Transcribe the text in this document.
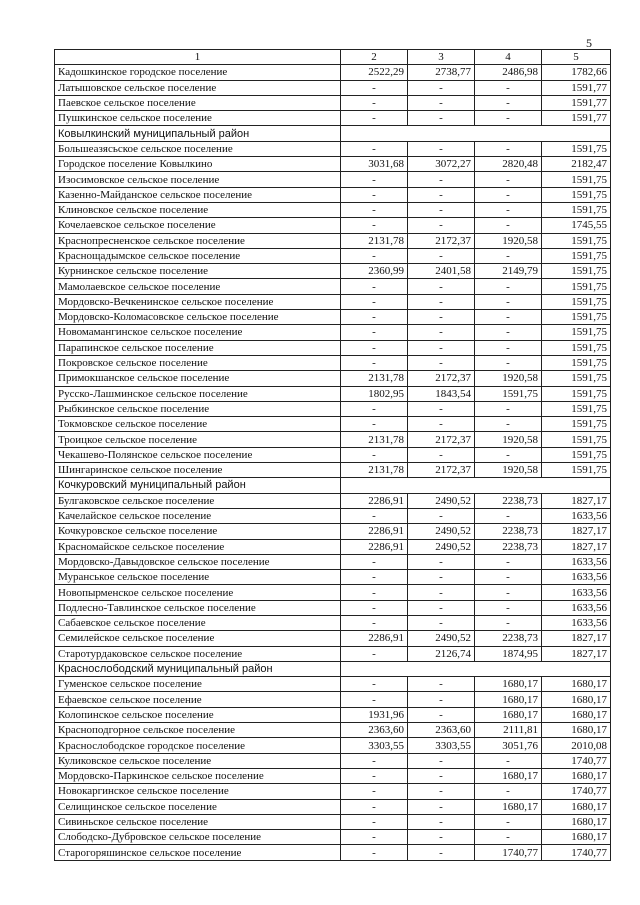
5
1	2	3	4	5
Кадошкинское городское поселение	2522,29	2738,77	2486,98	1782,66
Латышовское сельское поселение	-	-	-	1591,77
Паевское сельское поселение	-	-	-	1591,77
Пушкинское сельское поселение	-	-	-	1591,77
Ковылкинский муниципальный район				
Большеазясьское сельское поселение	-	-	-	1591,75
Городское поселение Ковылкино	3031,68	3072,27	2820,48	2182,47
Изосимовское сельское поселение	-	-	-	1591,75
Казенно-Майданское сельское поселение	-	-	-	1591,75
Клиновское сельское поселение	-	-	-	1591,75
Кочелаевское сельское поселение	-	-	-	1745,55
Краснопресненское сельское поселение	2131,78	2172,37	1920,58	1591,75
Краснощадымское сельское поселение	-	-	-	1591,75
Курнинское сельское поселение	2360,99	2401,58	2149,79	1591,75
Мамолаевское сельское поселение	-	-	-	1591,75
Мордовско-Вечкенинское сельское поселение	-	-	-	1591,75
Мордовско-Коломасовское сельское поселение	-	-	-	1591,75
Новомамангинское сельское поселение	-	-	-	1591,75
Парапинское сельское поселение	-	-	-	1591,75
Покровское сельское поселение	-	-	-	1591,75
Примокшанское сельское поселение	2131,78	2172,37	1920,58	1591,75
Русско-Лашминское сельское поселение	1802,95	1843,54	1591,75	1591,75
Рыбкинское сельское поселение	-	-	-	1591,75
Токмовское сельское поселение	-	-	-	1591,75
Троицкое сельское поселение	2131,78	2172,37	1920,58	1591,75
Чекашево-Полянское сельское поселение	-	-	-	1591,75
Шингаринское сельское поселение	2131,78	2172,37	1920,58	1591,75
Кочкуровский муниципальный район				
Булгаковское сельское поселение	2286,91	2490,52	2238,73	1827,17
Качелайское сельское поселение	-	-	-	1633,56
Кочкуровское сельское поселение	2286,91	2490,52	2238,73	1827,17
Красномайское сельское поселение	2286,91	2490,52	2238,73	1827,17
Мордовско-Давыдовское сельское поселение	-	-	-	1633,56
Муранськое сельское поселение	-	-	-	1633,56
Новопырменское сельское поселение	-	-	-	1633,56
Подлесно-Тавлинское сельское поселение	-	-	-	1633,56
Сабаевское сельское поселение	-	-	-	1633,56
Семилейское сельское поселение	2286,91	2490,52	2238,73	1827,17
Старотурдаковское сельское поселение	-	2126,74	1874,95	1827,17
Краснослободский муниципальный район				
Гуменское сельское поселение	-	-	1680,17	1680,17
Ефаевское сельское поселение	-	-	1680,17	1680,17
Колопинское сельское поселение	1931,96	-	1680,17	1680,17
Краснoподгорное сельское поселение	2363,60	2363,60	2111,81	1680,17
Краснослободское городское поселение	3303,55	3303,55	3051,76	2010,08
Куликовское сельское поселение	-	-	-	1740,77
Мордовско-Паркинское сельское поселение	-	-	1680,17	1680,17
Новокаргинское сельское поселение	-	-	-	1740,77
Селищинское сельское поселение	-	-	1680,17	1680,17
Сивиньское сельское поселение	-	-	-	1680,17
Слободско-Дубровское сельское поселение	-	-	-	1680,17
Старогоряшинское сельское поселение	-	-	1740,77	1740,77
